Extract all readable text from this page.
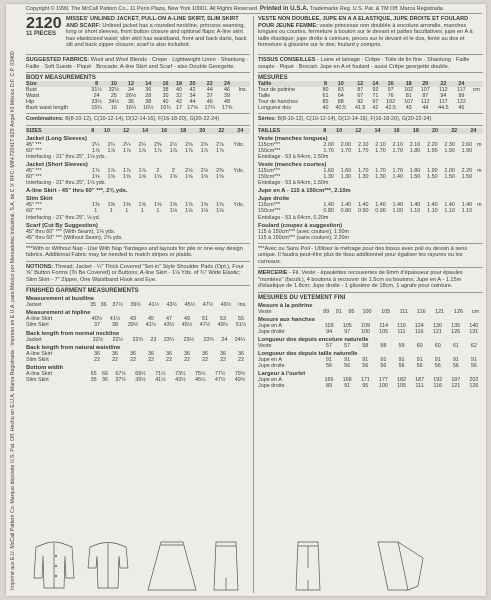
Copyright © 1999, The McCall Pattern Co., 11 Penn Plaza, New York 10001. All Rights Reserved. Printed in U.S.A. Trademarks Reg. U.S. Pat. & TM Off. Marca Registrada
Imprimé aux E.U. McCall Pattern Co. Marque déposée U.S. Pat. Off. Hecho en E.U.A. Marca Registrada · Impreso en E.U.A. para México por Mercadotec Industrial, S.A. de C.V. RFC: MIN-720417-9Z9 Ángel #3 México D.F. C.P. 03400
2120
11 PIECES
MISSES' UNLINED JACKET, PULL-ON A-LINE SKIRT, SLIM SKIRT AND SCARF: Unlined jacket has a rounded neckline, princess seaming, long or short sleeves, front button closure and optional flaps; A-line skirt has elasticized waist; slim skirt has waistband, front and back darts, back slit and back zipper closure; scarf is also included.
SUGGESTED FABRICS: Wool and Wool Blends · Crepe · Lightweight Linen · Shantung · Faille · Soft Suede · Piqué · Brocade; A-line Skirt and Scarf - also Double Georgette.
BODY MEASUREMENTS
Size	8	10	12	14	16	18	20	22	24	
Bust	31½	32½	34	36	38	40	42	44	46	Ins.
Waist	24	25	26½	28	30	32	34	37	39	
Hip	33½	34½	36	38	40	42	44	46	48	
Back waist length	15¾	16	16¼	16½	16¾	17	17⅛	17¼	17⅜	
Combinations: B(8-10-12), C(10-12-14), D(12-14-16), F(16-18-20), G(20-22-24)
SIZES	8	10	12	14	16	18	20	22	24	
Jacket (Long Sleeves)
45" ***	2¼	2¼	2¼	2¼	2⅜	2½	2⅝	2¾	2⅞	Yds.
60" ***	1⅞	1⅞	1⅞	1⅞	1⅞	1⅞	1⅞	1⅞	1⅞	
Interfacing - 21" thru 25", 1⅛ yds.										
Jacket (Short Sleeves)
45" ***	1⅞	1⅞	1⅞	1⅞	2	2	2⅛	2⅛	2⅜	Yds.
60" ***	1⅝	1⅝	1⅝	1⅝	1⅝	1⅝	1⅝	1⅝	1⅝	
Interfacing - 21" thru 25", 1⅛ yds.										
A-line Skirt - 45" thru 60" ***, 2⅜ yds.
Slim Skirt
45" ***	1⅜	1⅜	1⅜	1⅝	1⅝	1⅝	1⅝	1⅝	1⅝	Yds.
60" ***	1	1	1	1	1	1⅛	1⅛	1⅛	1⅛	
Interfacing - 21" thru 25", ⅛ yd.										
Scarf (Cut By Suggestion)
45" thru 60" *** (With Seam), 1⅛ yds.
45" thru 60" *** (Without Seam), 2⅜ yds.
***With or Without Nap - Use With Nap Yardages and layouts for pile or one-way design fabrics. Additional Fabric may be needed to match stripes or plaids.
NOTIONS: Thread; Jacket - ¼" Thick Covered "Set-in" Style Shoulder Pads (Opt.), Four ⅝" Button Forms (To Be Covered) or Buttons; A-line Skirt - 1⅛ Yds. of ¾" Wide Elastic; Slim Skirt - 7" Zipper, One Waistband Hook and Eye.
FINISHED GARMENT MEASUREMENTS
Measurement at bustline
Jacket	35	36	37½	39½	41½	43½	45½	47½	49½	Ins.
Measurement at hipline
A-line Skirt	40½	41½	43	45	47	49	51	53	55	
Slim Skirt	37	38	39½	41½	43½	45½	47½	49½	51½	
Back length from normal neckline
Jacket	22½	22½	22¾	23	23¼	23½	23¾	24	24¼	
Back length from natural waistline
A-line Skirt	36	36	36	36	36	36	36	36	36	
Slim Skirt	22	22	22	22	22	22	22	22	22	
Bottom width
A-line Skirt	65	66	67½	69½	71½	73½	75½	77½	79½	
Slim Skirt	35	36	37½	39½	41½	43½	45½	47½	49½	
VESTE NON DOUBLEE, JUPE EN A A ELASTIQUE, JUPE DROITE ET FOULARD POUR JEUNE FEMME: veste princesse non doublée à encolure arrondie, manches longues ou courtes, fermeture à bouton sur le devant et pattes facultatives; jupe en A à taille élastique; jupe droite à ceinture, pinces sur le devant et le dos, fente au dos et fermeture à glissière sur le dos; foulard y compris.
TISSUS CONSEILLES - Laine et lainage · Crêpe · Toile de lin fine · Shantung · Faille souple · Piqué · Brocart. Jupe en A et foulard - aussi Crêpe georgette double.
MESURES
Taille	8	10	12	14	16	18	20	22	24	
Tour de poitrine	80	83	87	92	97	102	107	112	117	cm
Taille	61	64	67	71	76	81	87	94	99	
Tour de hanches	85	88	92	97	102	107	112	117	122	
Longueur dos	40	40.5	41.5	42	42.5	43	44	44.5	45	
Séries: B(8-10-12), C(10-12-14), D(12-14-16), F(16-18-20), G(20-22-24)
TAILLES	8	10	12	14	16	18	20	22	24	
Veste (manches longues)
115cm***	2.00	2.00	2.10	2.10	2.10	2.10	2.20	2.30	2.60	m
150cm***	1.70	1.70	1.70	1.70	1.70	1.80	1.90	1.90	1.90	
Entoilage - 53 à 64cm, 1.50m										
Veste (manches courtes)
115cm***	1.60	1.60	1.70	1.70	1.70	1.80	1.90	2.00	2.20	m
150cm***	1.30	1.30	1.30	1.30	1.40	1.50	1.50	1.50	1.50	
Entoilage - 53 à 64cm, 1.50m										
Jupe en A - 115 à 150cm***, 2.10m
Jupe droite
115cm***	1.40	1.40	1.40	1.40	1.40	1.40	1.40	1.40	1.40	m
150cm***	0.80	0.80	0.90	0.90	1.00	1.10	1.10	1.10	1.10	
Entoilage - 53 à 64cm, 0.20m										
Foulard (coupez à suggestion)
115 à 150cm*** (avec couture), 1.50m
115 à 150cm*** (sans couture), 2.20m
***Avec ou Sans Poil - Utilisez le métrage pour des tissus avec poil ou dessin à sens unique. Il faudra peut-être plus de tissu additionnel pour égaliser les rayures ou les carreaux.
MERCERIE - Fil. Veste - épaulettes recouvertes de 6mm d'épaisseur pour épaules "montées" (facult.), 4 boutons à recouvrir de 1.5cm ou boutons; Jupe en A - 1.15m d'élastique de 1.8cm; Jupe droite - 1 glissière de 18cm, 1 agrafe pour ceinture.
MESURES DU VETEMENT FINI
Mesure à la poitrine
Veste	89	91	95	100	105	111	116	121	126	cm
Mesure aux hanches
Jupe en A	103	105	109	114	119	124	130	135	140	
Jupe droite	94	97	100	105	111	116	121	126	131	
Longueur dos depuis encolure naturelle
Veste	57	57	58	58	59	60	60	61	62	
Longueur dos depuis taille naturelle
Jupe en A	91	91	91	91	91	91	91	91	91	
Jupe droite	56	56	56	56	56	56	56	56	56	
Largeur à l'ourlet
Jupe en A	165	168	171	177	182	187	192	197	202	
Jupe droite	89	91	95	100	105	111	116	121	126	
